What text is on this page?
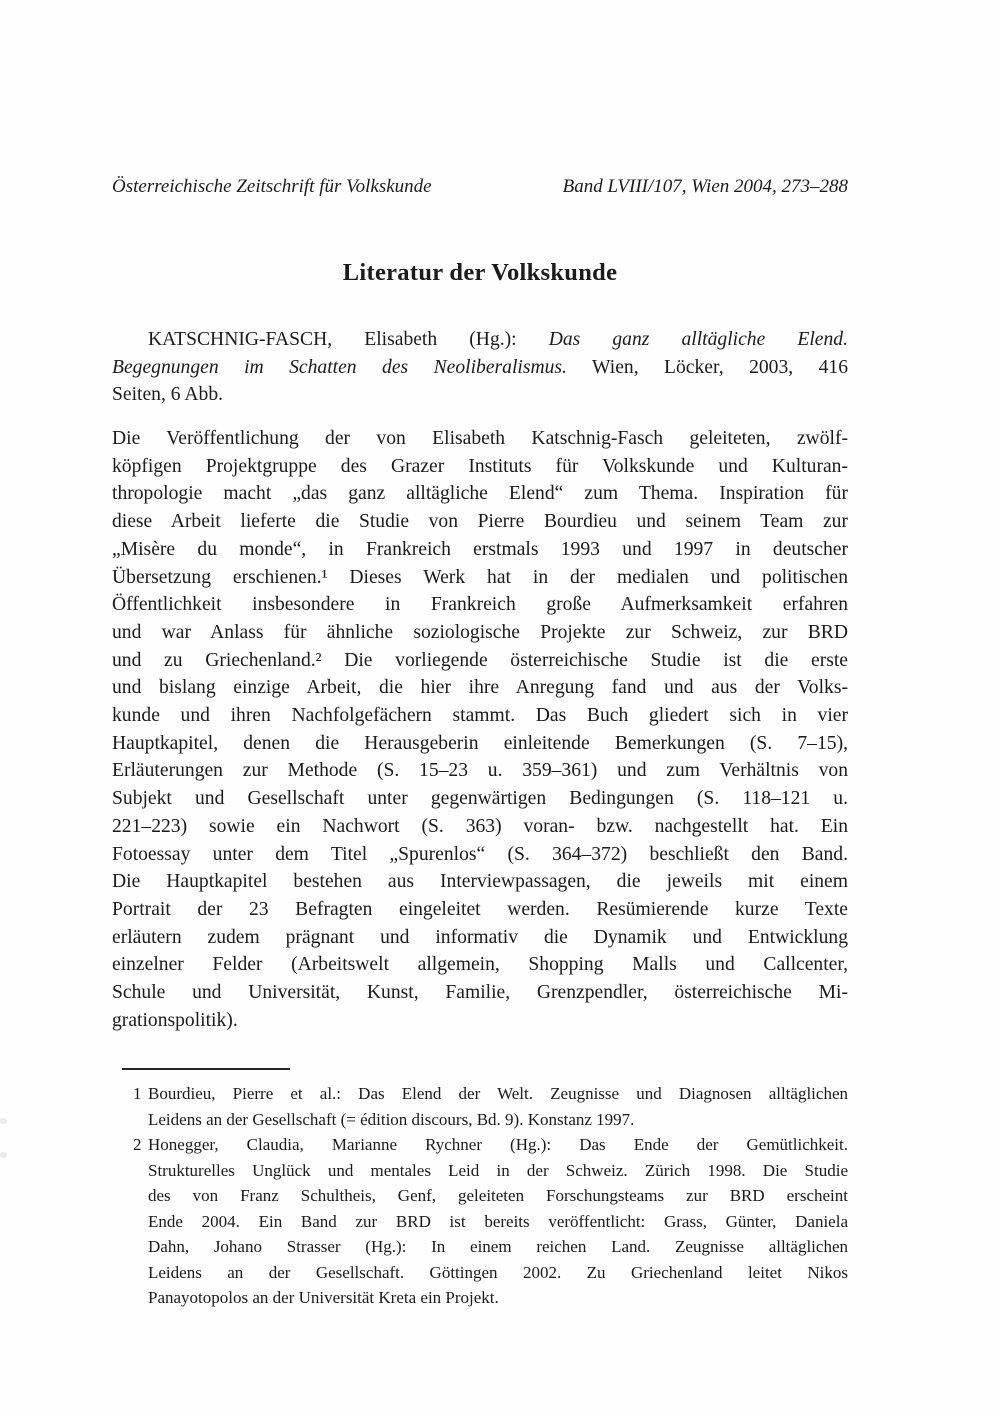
Österreichische Zeitschrift für Volkskunde	Band LVIII/107, Wien 2004, 273–288
Literatur der Volkskunde
KATSCHNIG-FASCH, Elisabeth (Hg.): Das ganz alltägliche Elend.
Begegnungen im Schatten des Neoliberalismus. Wien, Löcker, 2003, 416
Seiten, 6 Abb.
Die Veröffentlichung der von Elisabeth Katschnig-Fasch geleiteten, zwölf-
köpfigen Projektgruppe des Grazer Instituts für Volkskunde und Kulturan-
thropologie macht „das ganz alltägliche Elend“ zum Thema. Inspiration für
diese Arbeit lieferte die Studie von Pierre Bourdieu und seinem Team zur
„Misère du monde“, in Frankreich erstmals 1993 und 1997 in deutscher
Übersetzung erschienen.¹ Dieses Werk hat in der medialen und politischen
Öffentlichkeit insbesondere in Frankreich große Aufmerksamkeit erfahren
und war Anlass für ähnliche soziologische Projekte zur Schweiz, zur BRD
und zu Griechenland.² Die vorliegende österreichische Studie ist die erste
und bislang einzige Arbeit, die hier ihre Anregung fand und aus der Volks-
kunde und ihren Nachfolgefächern stammt. Das Buch gliedert sich in vier
Hauptkapitel, denen die Herausgeberin einleitende Bemerkungen (S. 7–15),
Erläuterungen zur Methode (S. 15–23 u. 359–361) und zum Verhältnis von
Subjekt und Gesellschaft unter gegenwärtigen Bedingungen (S. 118–121 u.
221–223) sowie ein Nachwort (S. 363) voran- bzw. nachgestellt hat. Ein
Fotoessay unter dem Titel „Spurenlos“ (S. 364–372) beschließt den Band.
Die Hauptkapitel bestehen aus Interviewpassagen, die jeweils mit einem
Portrait der 23 Befragten eingeleitet werden. Resümierende kurze Texte
erläutern zudem prägnant und informativ die Dynamik und Entwicklung
einzelner Felder (Arbeitswelt allgemein, Shopping Malls und Callcenter,
Schule und Universität, Kunst, Familie, Grenzpendler, österreichische Mi-
grationspolitik).
1 Bourdieu, Pierre et al.: Das Elend der Welt. Zeugnisse und Diagnosen alltäglichen
Leidens an der Gesellschaft (= édition discours, Bd. 9). Konstanz 1997.
2 Honegger, Claudia, Marianne Rychner (Hg.): Das Ende der Gemütlichkeit.
Strukturelles Unglück und mentales Leid in der Schweiz. Zürich 1998. Die Studie
des von Franz Schultheis, Genf, geleiteten Forschungsteams zur BRD erscheint
Ende 2004. Ein Band zur BRD ist bereits veröffentlicht: Grass, Günter, Daniela
Dahn, Johano Strasser (Hg.): In einem reichen Land. Zeugnisse alltäglichen
Leidens an der Gesellschaft. Göttingen 2002. Zu Griechenland leitet Nikos
Panayotopolos an der Universität Kreta ein Projekt.
